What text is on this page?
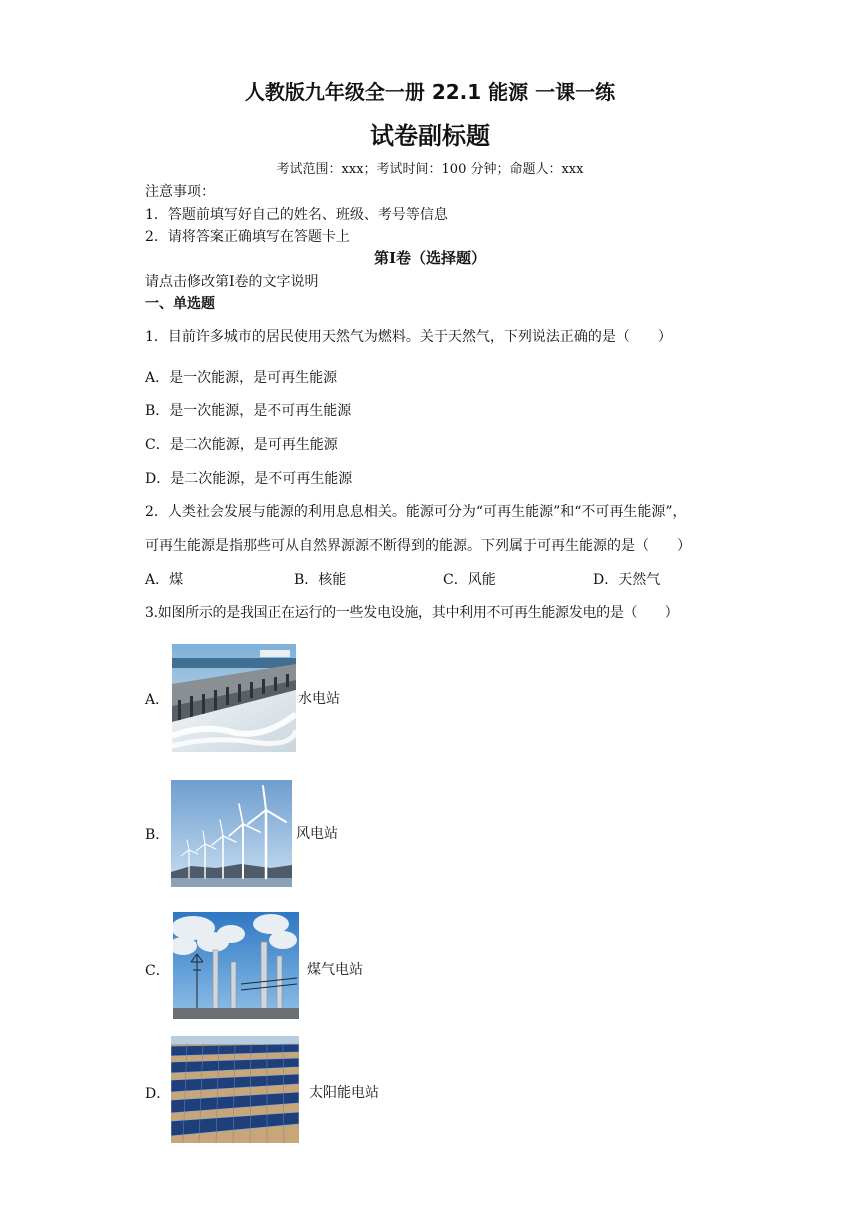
人教版九年级全一册 22.1 能源 一课一练
试卷副标题
考试范围：xxx；考试时间：100 分钟；命题人：xxx
注意事项：
1．答题前填写好自己的姓名、班级、考号等信息
2．请将答案正确填写在答题卡上
第Ⅰ卷（选择题）
请点击修改第Ⅰ卷的文字说明
一、单选题
1．目前许多城市的居民使用天然气为燃料。关于天然气，下列说法正确的是（　　）
A．是一次能源，是可再生能源
B．是一次能源，是不可再生能源
C．是二次能源，是可再生能源
D．是二次能源，是不可再生能源
2．人类社会发展与能源的利用息息相关。能源可分为“可再生能源”和“不可再生能源”，
可再生能源是指那些可从自然界源源不断得到的能源。下列属于可再生能源的是（　　）
A．煤	B．核能	C．风能	D．天然气
3.如图所示的是我国正在运行的一些发电设施，其中利用不可再生能源发电的是（　　）
A．	水电站
B．	风电站
C．	煤气电站
D．	太阳能电站
